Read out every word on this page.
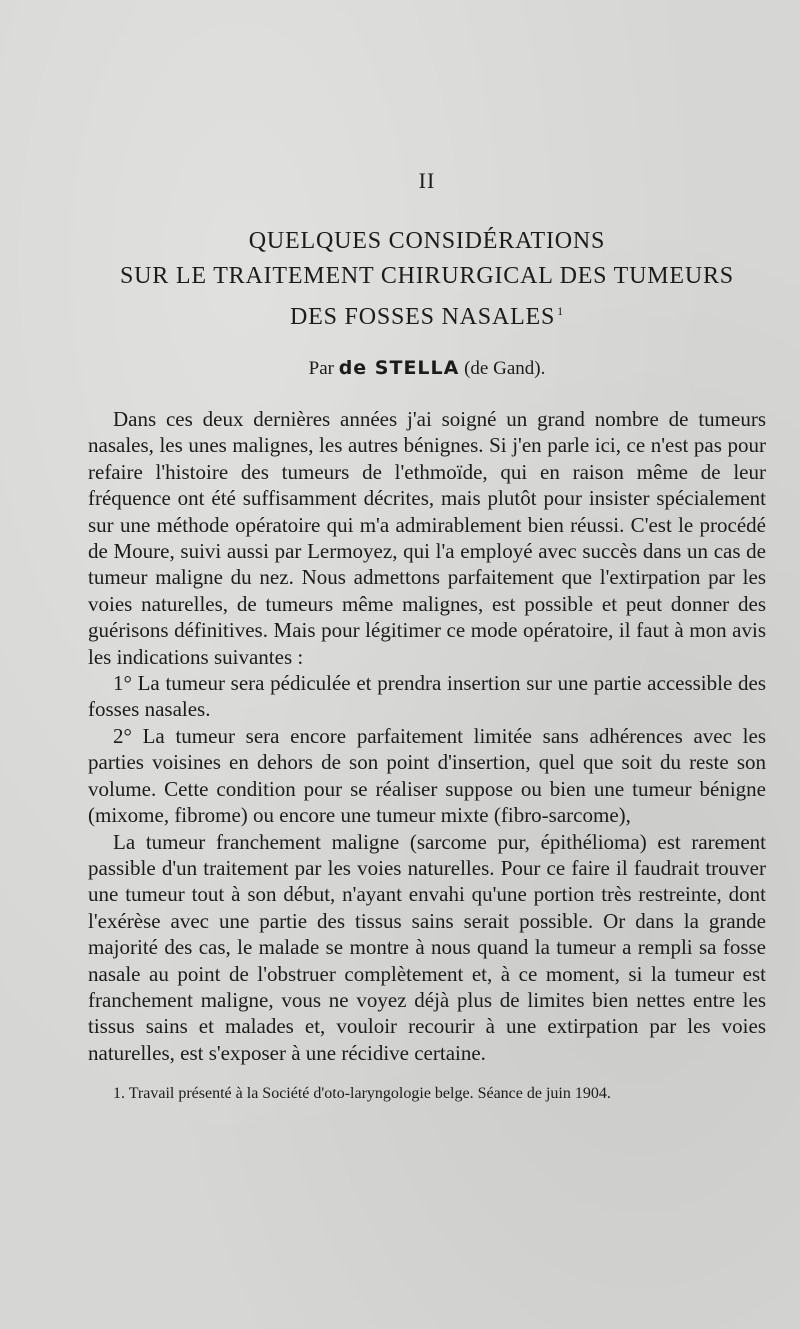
II

QUELQUES CONSIDÉRATIONS

SUR LE TRAITEMENT CHIRURGICAL DES TUMEURS

DES FOSSES NASALES $^1$

Par de STELLA (de Gand).

Dans ces deux dernières années j'ai soigné un grand nombre de tumeurs nasales, les unes malignes, les autres bénignes. Si j'en parle ici, ce n'est pas pour refaire l'histoire des tumeurs de l'ethmoïde, qui en raison même de leur fréquence ont été suffisamment décrites, mais plutôt pour insister spécialement sur une méthode opératoire qui m'a admirablement bien réussi. C'est le procédé de Moure, suivi aussi par Lermoyez, qui l'a employé avec succès dans un cas de tumeur maligne du nez. Nous admettons parfaitement que l'extirpation par les voies naturelles, de tumeurs même malignes, est possible et peut donner des guérisons définitives. Mais pour légitimer ce mode opératoire, il faut à mon avis les indications suivantes :

1° La tumeur sera pédiculée et prendra insertion sur une partie accessible des fosses nasales.

2° La tumeur sera encore parfaitement limitée sans adhérences avec les parties voisines en dehors de son point d'insertion, quel que soit du reste son volume. Cette condition pour se réaliser suppose ou bien une tumeur bénigne (mixome, fibrome) ou encore une tumeur mixte (fibro-sarcome),

La tumeur franchement maligne (sarcome pur, épithélioma) est rarement passible d'un traitement par les voies naturelles. Pour ce faire il faudrait trouver une tumeur tout à son début, n'ayant envahi qu'une portion très restreinte, dont l'exérèse avec une partie des tissus sains serait possible. Or dans la grande majorité des cas, le malade se montre à nous quand la tumeur a rempli sa fosse nasale au point de l'obstruer complètement et, à ce moment, si la tumeur est franchement maligne, vous ne voyez déjà plus de limites bien nettes entre les tissus sains et malades et, vouloir recourir à une extirpation par les voies naturelles, est s'exposer à une récidive certaine.

1. Travail présenté à la Société d'oto-laryngologie belge. Séance de juin 1904.
